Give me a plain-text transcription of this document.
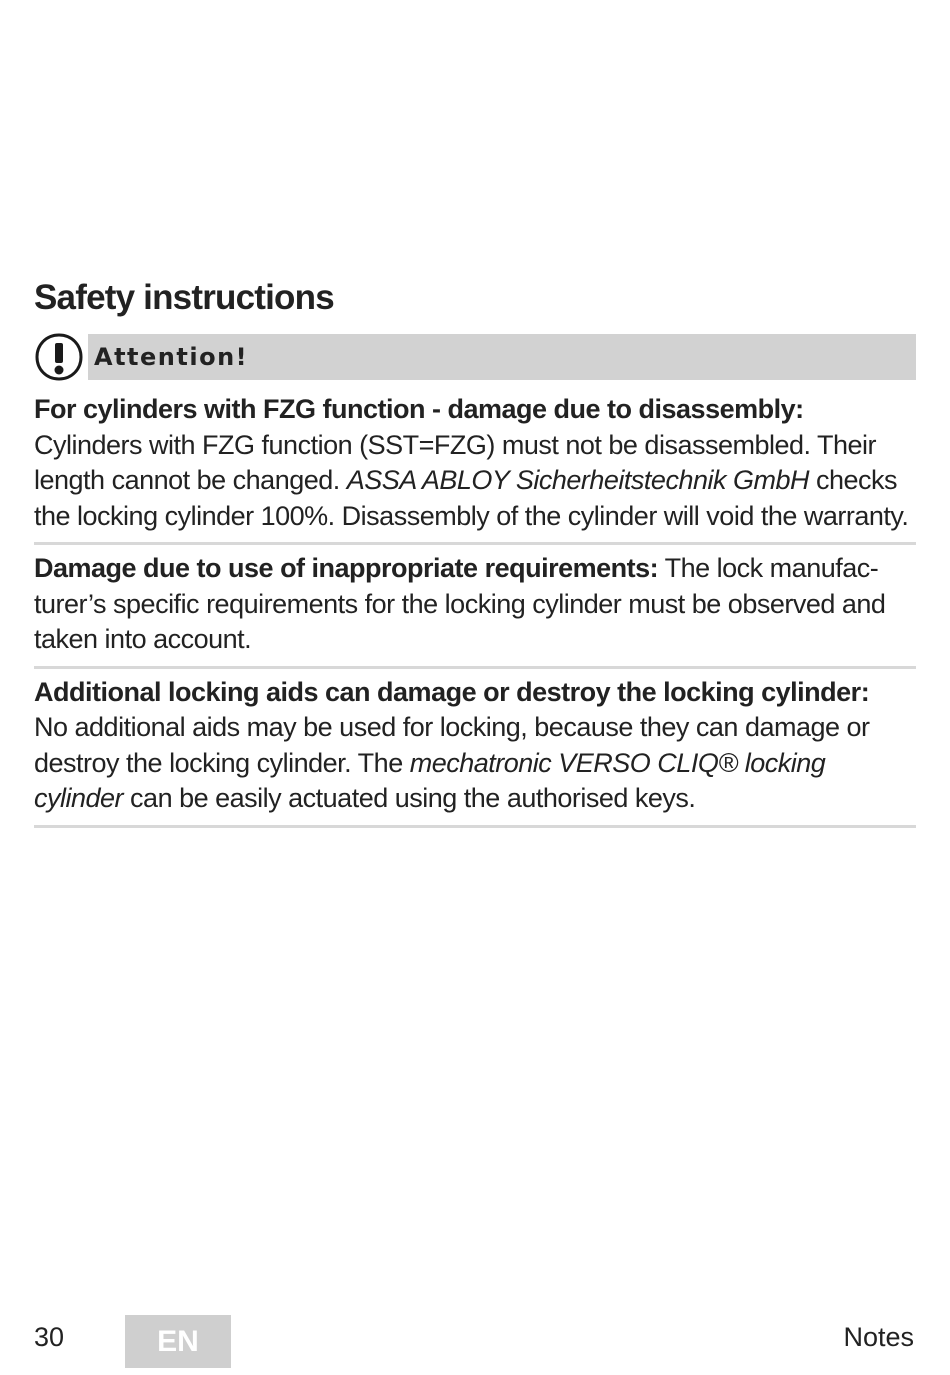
Safety instructions
Attention!
For cylinders with FZG function - damage due to disassembly:
Cylinders with FZG function (SST=FZG) must not be disassembled. Their length cannot be changed. ASSA ABLOY Sicherheitstechnik GmbH checks the locking cylinder 100%. Disassembly of the cylinder will void the warranty.
Damage due to use of inappropriate requirements: The lock manufac-turer’s specific requirements for the locking cylinder must be observed and taken into account.
Additional locking aids can damage or destroy the locking cylinder:
No additional aids may be used for locking, because they can damage or destroy the locking cylinder. The mechatronic VERSO CLIQ® locking cylinder can be easily actuated using the authorised keys.
30	EN	Notes
